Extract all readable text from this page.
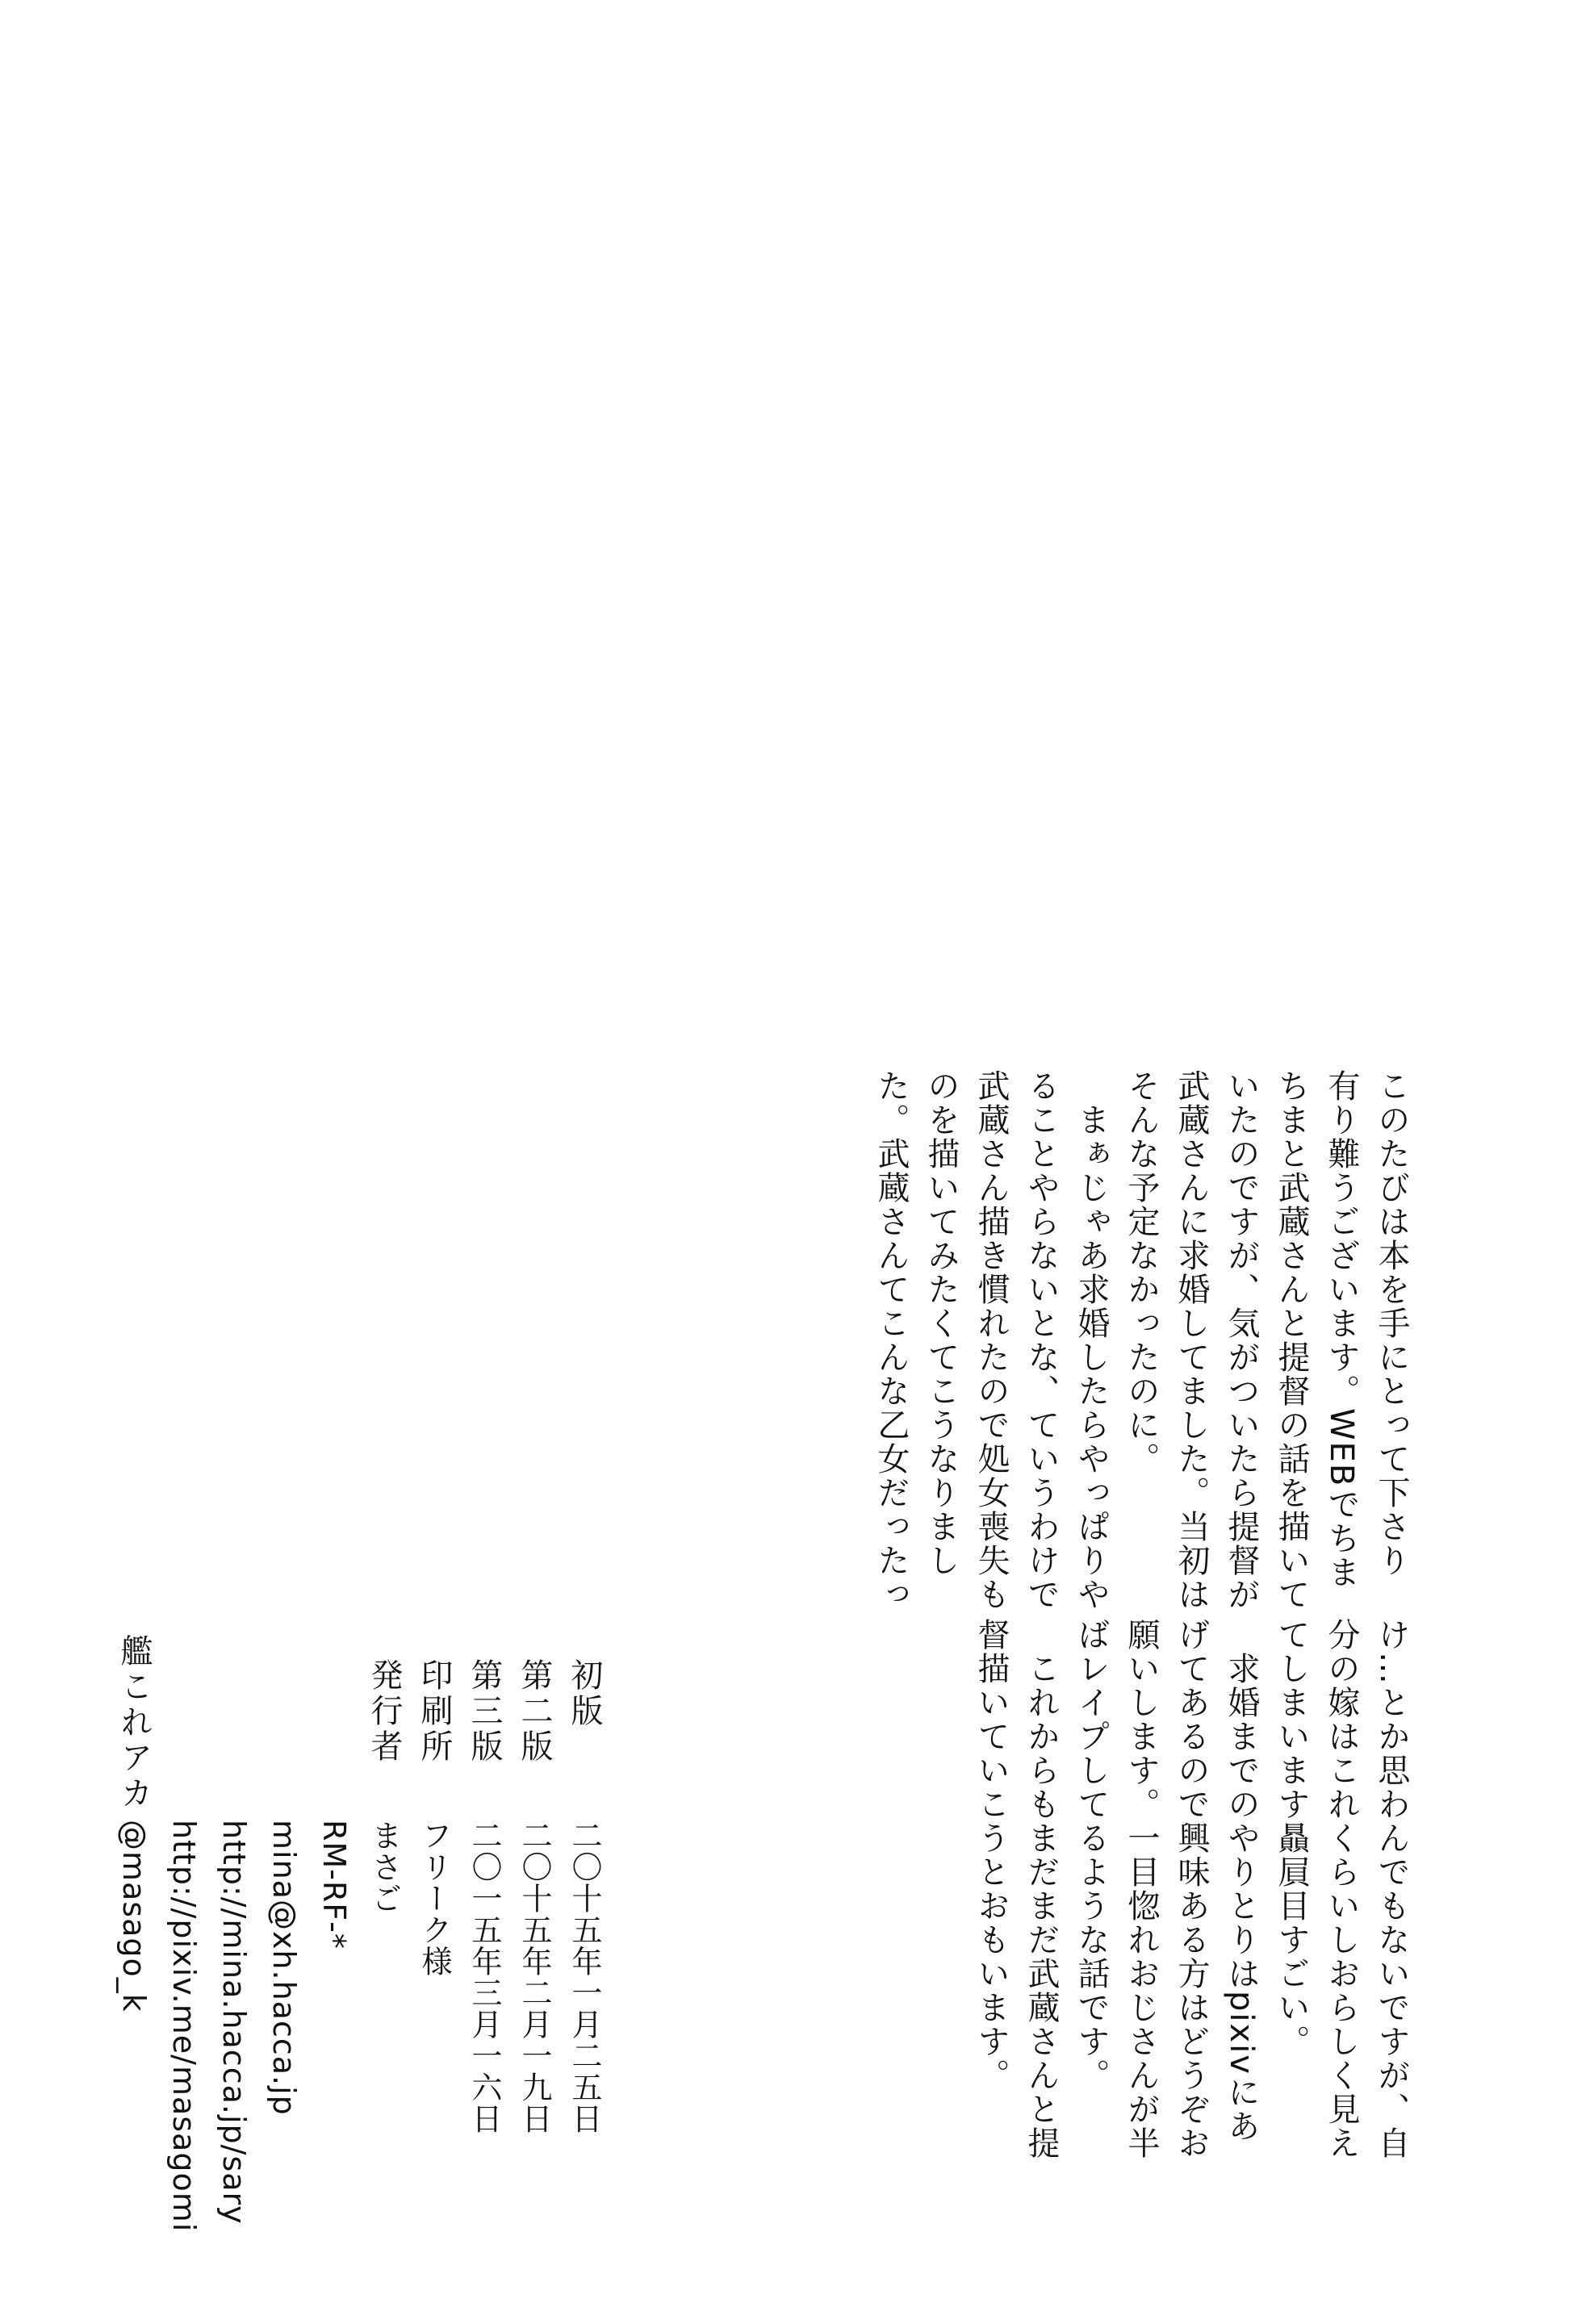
このたびは本を手にとって下さり
有り難うございます。WEBでちま
ちまと武蔵さんと提督の話を描いて
いたのですが、気がついたら提督が
武蔵さんに求婚してました。当初は
そんな予定なかったのに。
　まぁじゃあ求婚したらやっぱりや
ることやらないとな、ていうわけで
武蔵さん描き慣れたので処女喪失も
のを描いてみたくてこうなりまし
た。武蔵さんてこんな乙女だったっ
け…とか思わんでもないですが、自
分の嫁はこれくらいしおらしく見え
てしまいます贔屓目すごい。
　求婚までのやりとりはpixivにあ
げてあるので興味ある方はどうぞお
願いします。一目惚れおじさんが半
ばレイプしてるような話です。
　これからもまだまだ武蔵さんと提
督描いていこうとおもいます。
初版
第二版
第三版
印刷所
発行者
艦これアカ
二〇十五年一月二五日
二〇十五年二月一九日
二〇一五年三月一六日
フリーク様
まさご
RM-RF-*
mina@xh.hacca.jp
http://mina.hacca.jp/sary
http://pixiv.me/masagomi
@masago_k
